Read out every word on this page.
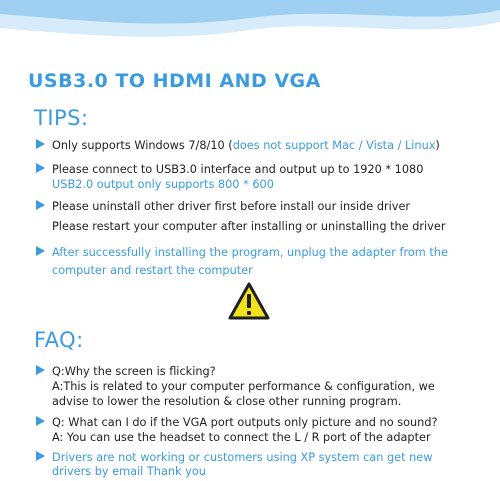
USB3.0 TO HDMI AND VGA
TIPS:
Only supports Windows 7/8/10 (does not support Mac / Vista / Linux)
Please connect to USB3.0 interface and output up to 1920 * 1080
USB2.0 output only supports 800 * 600
Please uninstall other driver first before install our inside driver
Please restart your computer after installing or uninstalling the driver
After successfully installing the program, unplug the adapter from the
computer and restart the computer
FAQ:
Q:Why the screen is flicking?
A:This is related to your computer performance & configuration, we
advise to lower the resolution & close other running program.
Q: What can I do if the VGA port outputs only picture and no sound?
A: You can use the headset to connect the L / R port of the adapter
Drivers are not working or customers using XP system can get new
drivers by email Thank you
